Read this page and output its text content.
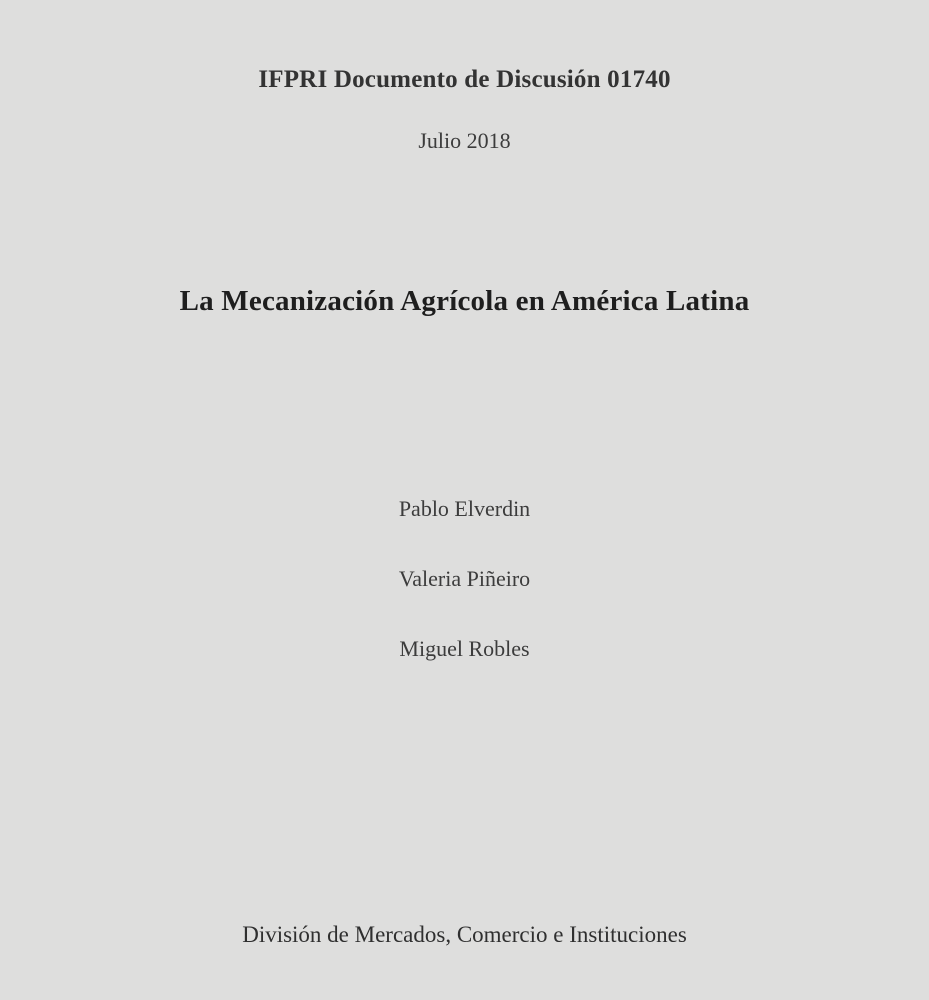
IFPRI Documento de Discusión 01740
Julio 2018
La Mecanización Agrícola en América Latina
Pablo Elverdin
Valeria Piñeiro
Miguel Robles
División de Mercados, Comercio e Instituciones
